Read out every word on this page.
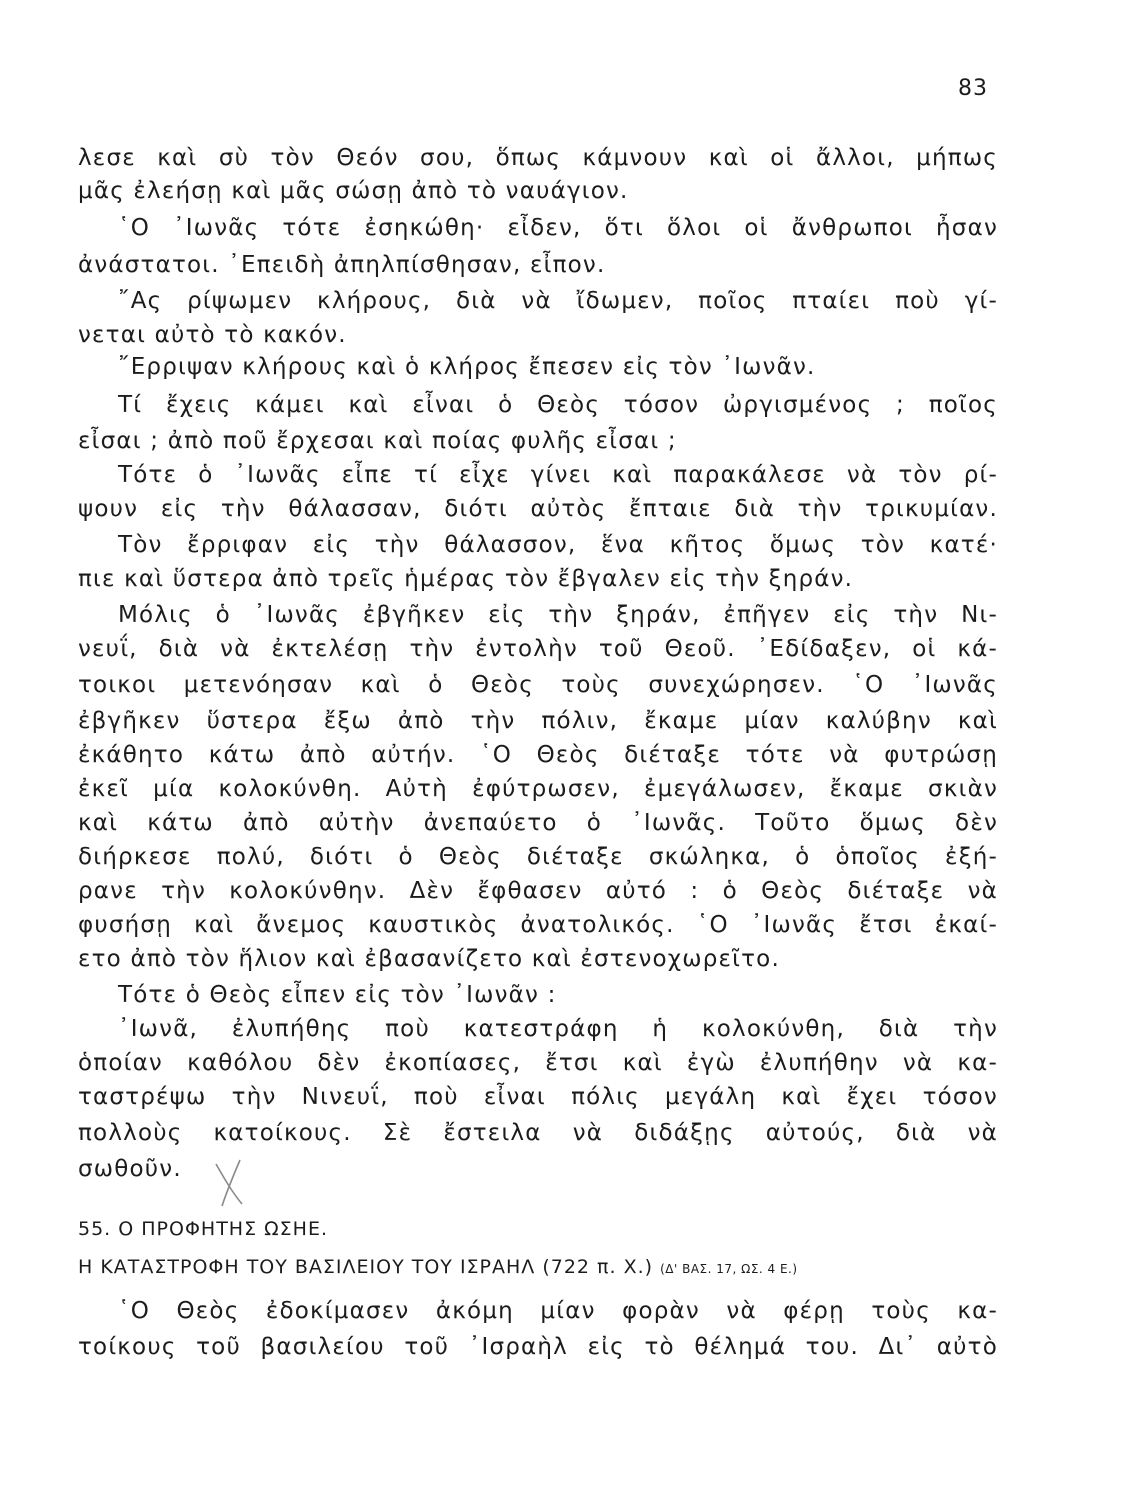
83
λεσε καὶ σὺ τὸν Θεόν σου, ὅπως κάμνουν καὶ οἱ ἄλλοι, μήπως
μᾶς ἐλεήσῃ καὶ μᾶς σώσῃ ἀπὸ τὸ ναυάγιον.
῾Ο ᾿Ιωνᾶς τότε ἐσηκώθη· εἶδεν, ὅτι ὅλοι οἱ ἄνθρωποι ἦσαν
ἀνάστατοι. ᾿Επειδὴ ἀπηλπίσθησαν, εἶπον.
῎Ας ρίψωμεν κλήρους, διὰ νὰ ἴδωμεν, ποῖος πταίει ποὺ γί-
νεται αὐτὸ τὸ κακόν.
῎Ερριψαν κλήρους καὶ ὁ κλήρος ἔπεσεν εἰς τὸν ᾿Ιωνᾶν.
Τί ἔχεις κάμει καὶ εἶναι ὁ Θεὸς τόσον ὠργισμένος ; ποῖος
εἶσαι ; ἀπὸ ποῦ ἔρχεσαι καὶ ποίας φυλῆς εἶσαι ;
Τότε ὁ ᾿Ιωνᾶς εἶπε τί εἶχε γίνει καὶ παρακάλεσε νὰ τὸν ρί-
ψουν εἰς τὴν θάλασσαν, διότι αὐτὸς ἔπταιε διὰ τὴν τρικυμίαν.
Τὸν ἔρριφαν εἰς τὴν θάλασσον, ἕνα κῆτος ὅμως τὸν κατέ·
πιε καὶ ὕστερα ἀπὸ τρεῖς ἡμέρας τὸν ἔβγαλεν εἰς τὴν ξηράν.
Μόλις ὁ ᾿Ιωνᾶς ἐβγῆκεν εἰς τὴν ξηράν, ἐπῆγεν εἰς τὴν Νι-
νευΐ, διὰ νὰ ἐκτελέσῃ τὴν ἐντολὴν τοῦ Θεοῦ. ᾿Εδίδαξεν, οἱ κά-
τοικοι μετενόησαν καὶ ὁ Θεὸς τοὺς συνεχώρησεν. ῾Ο ᾿Ιωνᾶς
ἐβγῆκεν ὕστερα ἔξω ἀπὸ τὴν πόλιν, ἔκαμε μίαν καλύβην καὶ
ἐκάθητο κάτω ἀπὸ αὐτήν. ῾Ο Θεὸς διέταξε τότε νὰ φυτρώσῃ
ἐκεῖ μία κολοκύνθη. Αὐτὴ ἐφύτρωσεν, ἐμεγάλωσεν, ἔκαμε σκιὰν
καὶ κάτω ἀπὸ αὐτὴν ἀνεπαύετο ὁ ᾿Ιωνᾶς. Τοῦτο ὅμως δὲν
διήρκεσε πολύ, διότι ὁ Θεὸς διέταξε σκώληκα, ὁ ὁποῖος ἐξή-
ρανε τὴν κολοκύνθην. Δὲν ἔφθασεν αὐτό : ὁ Θεὸς διέταξε νὰ
φυσήσῃ καὶ ἄνεμος καυστικὸς ἀνατολικός. ῾Ο ᾿Ιωνᾶς ἔτσι ἐκαί-
ετο ἀπὸ τὸν ἥλιον καὶ ἐβασανίζετο καὶ ἐστενοχωρεῖτο.
Τότε ὁ Θεὸς εἶπεν εἰς τὸν ᾿Ιωνᾶν :
᾿Ιωνᾶ, ἐλυπήθης ποὺ κατεστράφη ἡ κολοκύνθη, διὰ τὴν
ὁποίαν καθόλου δὲν ἐκοπίασες, ἔτσι καὶ ἐγὼ ἐλυπήθην νὰ κα-
ταστρέψω τὴν Νινευΐ, ποὺ εἶναι πόλις μεγάλη καὶ ἔχει τόσον
πολλοὺς κατοίκους. Σὲ ἔστειλα νὰ διδάξῃς αὐτούς, διὰ νὰ
σωθοῦν.
55. Ο ΠΡΟΦΗΤΗΣ ΩΣΗΕ.
Η ΚΑΤΑΣΤΡΟΦΗ ΤΟΥ ΒΑΣΙΛΕΙΟΥ ΤΟΥ ΙΣΡΑΗΛ (722 π. Χ.) (Δ' ΒΑΣ. 17, ΩΣ. 4 Ε.)
῾Ο Θεὸς ἐδοκίμασεν ἀκόμη μίαν φορὰν νὰ φέρῃ τοὺς κα-
τοίκους τοῦ βασιλείου τοῦ ᾿Ισραὴλ εἰς τὸ θέλημά του. Δι᾿ αὐτὸ
